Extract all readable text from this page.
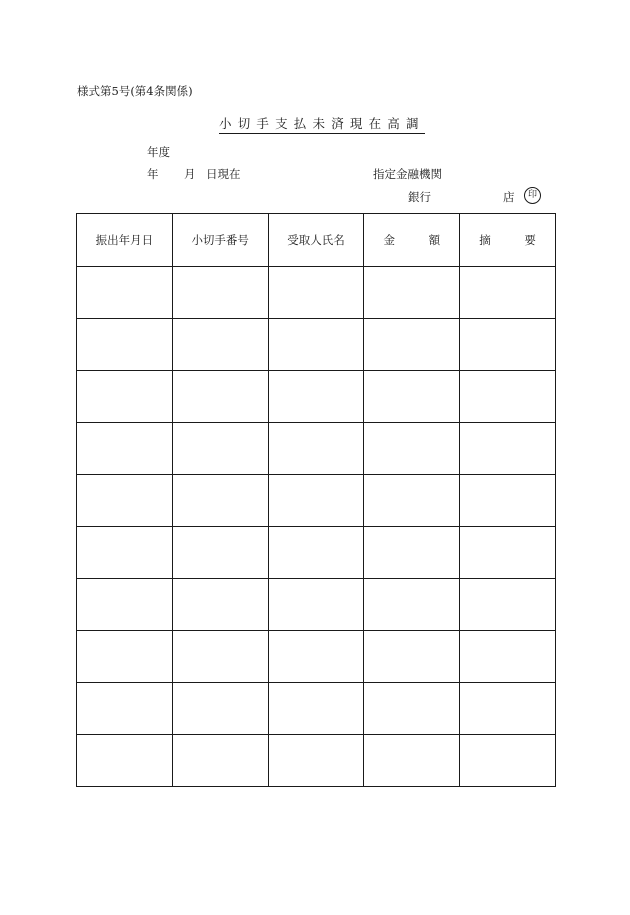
様式第5号(第4条関係)
小切手支払未済現在高調
年度
年 月 日現在	指定金融機関
銀行	店	印
振出年月日	小切手番号	受取人氏名	金 額	摘 要
